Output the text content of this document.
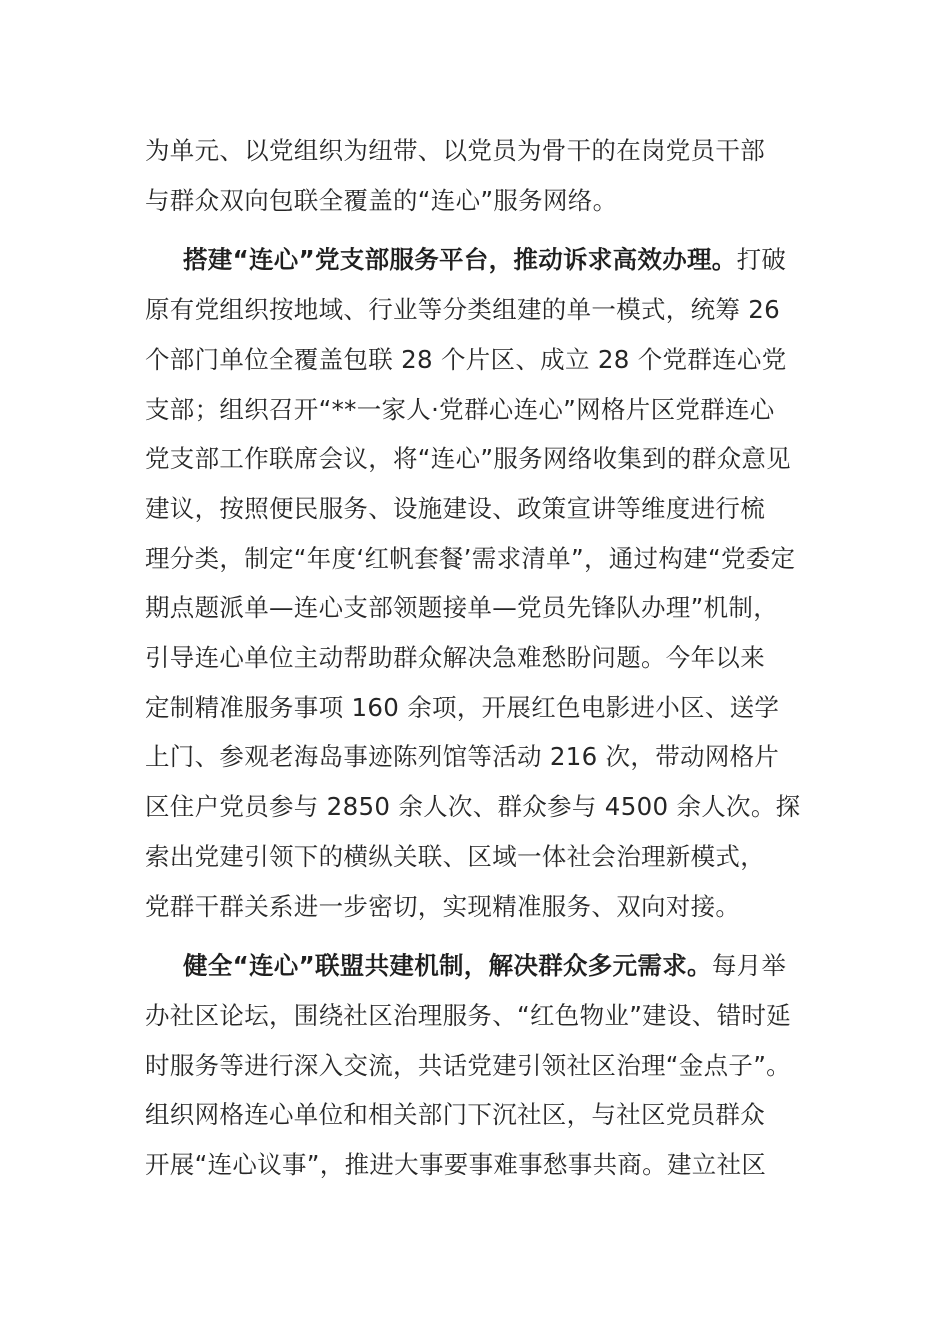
为单元、以党组织为纽带、以党员为骨干的在岗党员干部
与群众双向包联全覆盖的“连心”服务网络。

搭建“连心”党支部服务平台，推动诉求高效办理。打破
原有党组织按地域、行业等分类组建的单一模式，统筹 26
个部门单位全覆盖包联 28 个片区、成立 28 个党群连心党
支部；组织召开“**一家人·党群心连心”网格片区党群连心
党支部工作联席会议，将“连心”服务网络收集到的群众意见
建议，按照便民服务、设施建设、政策宣讲等维度进行梳
理分类，制定“年度‘红帆套餐’需求清单”，通过构建“党委定
期点题派单—连心支部领题接单—党员先锋队办理”机制，
引导连心单位主动帮助群众解决急难愁盼问题。今年以来
定制精准服务事项 160 余项，开展红色电影进小区、送学
上门、参观老海岛事迹陈列馆等活动 216 次，带动网格片
区住户党员参与 2850 余人次、群众参与 4500 余人次。探
索出党建引领下的横纵关联、区域一体社会治理新模式，
党群干群关系进一步密切，实现精准服务、双向对接。

健全“连心”联盟共建机制，解决群众多元需求。每月举
办社区论坛，围绕社区治理服务、“红色物业”建设、错时延
时服务等进行深入交流，共话党建引领社区治理“金点子”。
组织网格连心单位和相关部门下沉社区，与社区党员群众
开展“连心议事”，推进大事要事难事愁事共商。建立社区
